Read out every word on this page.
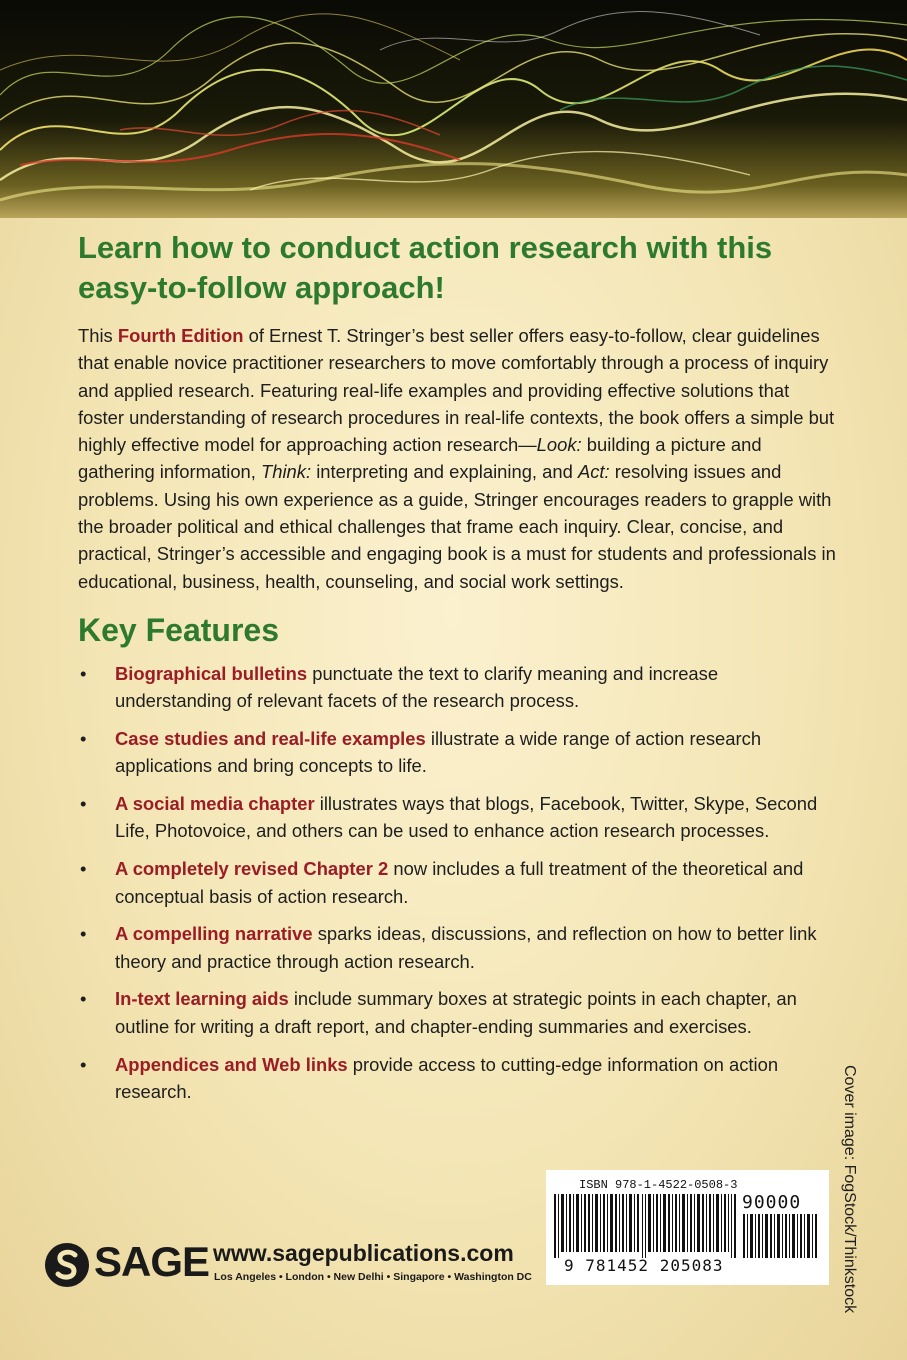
Learn how to conduct action research with this easy-to-follow approach!

This Fourth Edition of Ernest T. Stringer’s best seller offers easy-to-follow, clear guidelines that enable novice practitioner researchers to move comfortably through a process of inquiry and applied research. Featuring real-life examples and providing effective solutions that foster understanding of research procedures in real-life contexts, the book offers a simple but highly effective model for approaching action research—Look: building a picture and gathering information, Think: interpreting and explaining, and Act: resolving issues and problems. Using his own experience as a guide, Stringer encourages readers to grapple with the broader political and ethical challenges that frame each inquiry. Clear, concise, and practical, Stringer’s accessible and engaging book is a must for students and professionals in educational, business, health, counseling, and social work settings.

Key Features
• Biographical bulletins punctuate the text to clarify meaning and increase understanding of relevant facets of the research process.
• Case studies and real-life examples illustrate a wide range of action research applications and bring concepts to life.
• A social media chapter illustrates ways that blogs, Facebook, Twitter, Skype, Second Life, Photovoice, and others can be used to enhance action research processes.
• A completely revised Chapter 2 now includes a full treatment of the theoretical and conceptual basis of action research.
• A compelling narrative sparks ideas, discussions, and reflection on how to better link theory and practice through action research.
• In-text learning aids include summary boxes at strategic points in each chapter, an outline for writing a draft report, and chapter-ending summaries and exercises.
• Appendices and Web links provide access to cutting-edge information on action research.	Cover image: FogStock/Thinkstock
ISBN 978-1-4522-0508-3
90000
9 781452 205083
SAGE www.sagepublications.com
Los Angeles • London • New Delhi • Singapore • Washington DC
